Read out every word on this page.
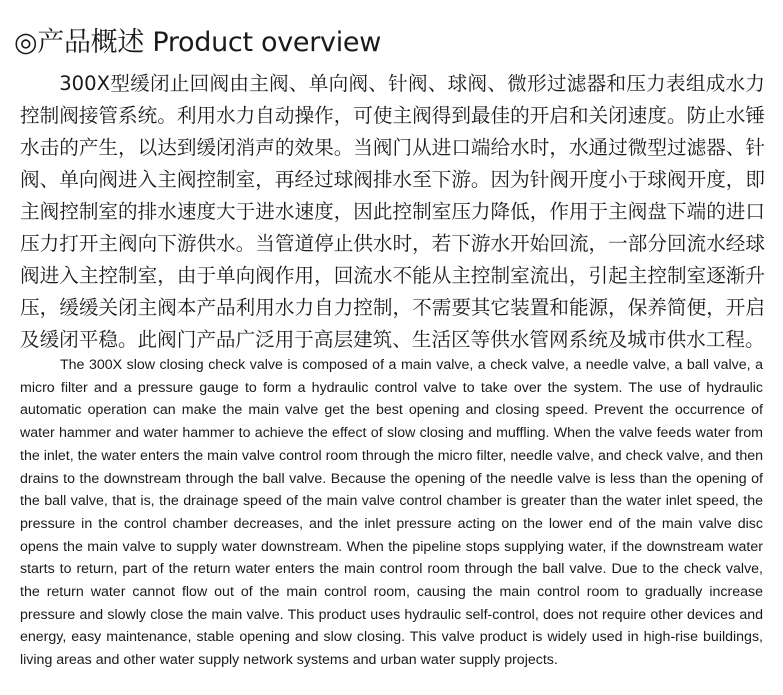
◎产品概述 Product overview

300X型缓闭止回阀由主阀、单向阀、针阀、球阀、微形过滤器和压力表组成水力控制阀接管系统。利用水力自动操作，可使主阀得到最佳的开启和关闭速度。防止水锤水击的产生，以达到缓闭消声的效果。当阀门从进口端给水时，水通过微型过滤器、针阀、单向阀进入主阀控制室，再经过球阀排水至下游。因为针阀开度小于球阀开度，即主阀控制室的排水速度大于进水速度，因此控制室压力降低，作用于主阀盘下端的进口压力打开主阀向下游供水。当管道停止供水时，若下游水开始回流，一部分回流水经球阀进入主控制室，由于单向阀作用，回流水不能从主控制室流出，引起主控制室逐渐升压，缓缓关闭主阀本产品利用水力自力控制，不需要其它装置和能源，保养简便，开启及缓闭平稳。此阀门产品广泛用于高层建筑、生活区等供水管网系统及城市供水工程。

The 300X slow closing check valve is composed of a main valve, a check valve, a needle valve, a ball valve, a micro filter and a pressure gauge to form a hydraulic control valve to take over the system. The use of hydraulic automatic operation can make the main valve get the best opening and closing speed. Prevent the occurrence of water hammer and water hammer to achieve the effect of slow closing and muffling. When the valve feeds water from the inlet, the water enters the main valve control room through the micro filter, needle valve, and check valve, and then drains to the downstream through the ball valve. Because the opening of the needle valve is less than the opening of the ball valve, that is, the drainage speed of the main valve control chamber is greater than the water inlet speed, the pressure in the control chamber decreases, and the inlet pressure acting on the lower end of the main valve disc opens the main valve to supply water downstream. When the pipeline stops supplying water, if the downstream water starts to return, part of the return water enters the main control room through the ball valve. Due to the check valve, the return water cannot flow out of the main control room, causing the main control room to gradually increase pressure and slowly close the main valve. This product uses hydraulic self-control, does not require other devices and energy, easy maintenance, stable opening and slow closing. This valve product is widely used in high-rise buildings, living areas and other water supply network systems and urban water supply projects.
